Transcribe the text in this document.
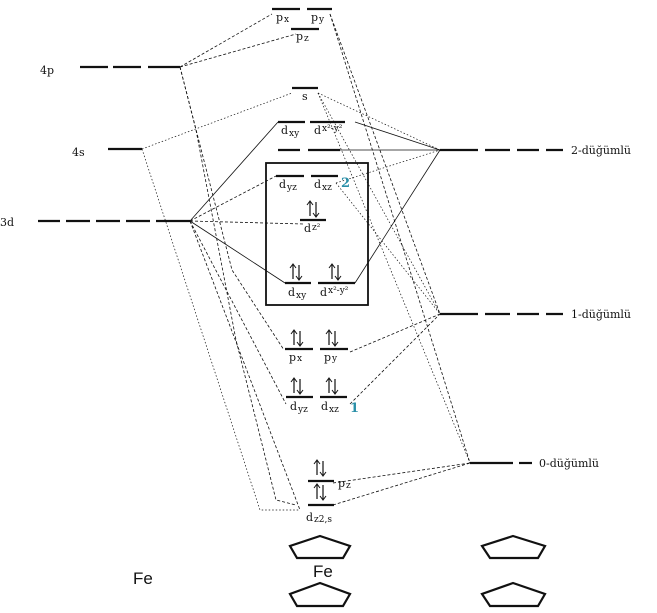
4p
4s
3d
Fe
2-düğümlü
1-düğümlü
0-düğümlü
p x p y
p z
s
d xy d x²-y²
d yz d xz 2
d z²
d xy d x²-y²
p x p y
d yz d xz 1
p z
d z2,s
Fe
